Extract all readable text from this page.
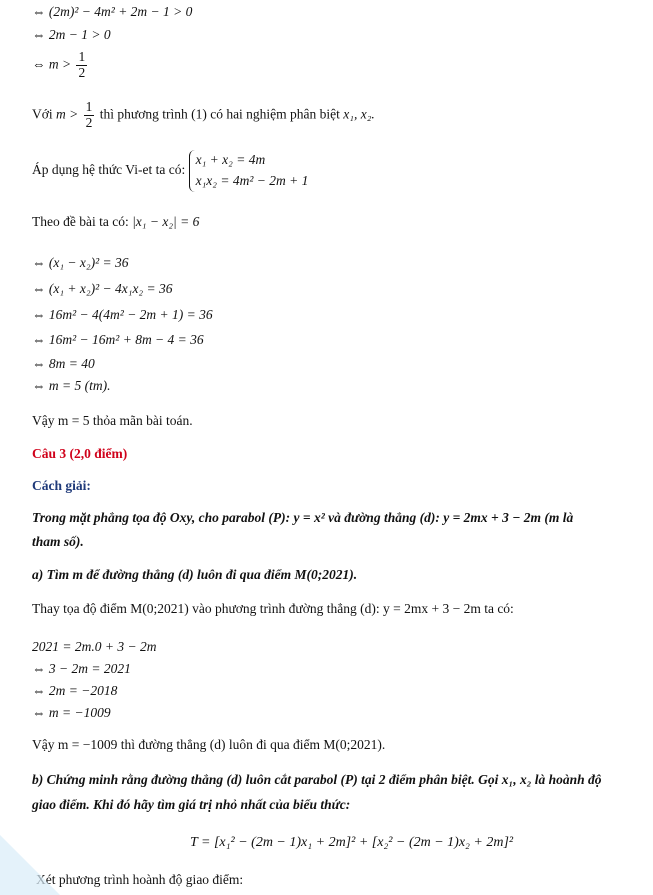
⇔ (2m)² − 4m² + 2m − 1 > 0
⇔ 2m − 1 > 0
⇔ $m > \frac{1}{2}$
Với $m > \frac{1}{2}$ thì phương trình (1) có hai nghiệm phân biệt x₁, x₂.
Áp dụng hệ thức Vi-et ta có:
x₁ + x₂ = 4m
x₁x₂ = 4m² − 2m + 1
Theo đề bài ta có: |x₁ − x₂| = 6
⇔ (x₁ − x₂)² = 36
⇔ (x₁ + x₂)² − 4x₁x₂ = 36
⇔ 16m² − 4(4m² − 2m + 1) = 36
⇔ 16m² − 16m² + 8m − 4 = 36
⇔ 8m = 40
⇔ m = 5 (tm).
Vậy m = 5 thỏa mãn bài toán.
Câu 3 (2,0 điểm)
Cách giải:
Trong mặt phẳng tọa độ Oxy, cho parabol (P): y = x² và đường thẳng (d): y = 2mx + 3 − 2m (m là
tham số).
a) Tìm m để đường thẳng (d) luôn đi qua điểm M(0;2021).
Thay tọa độ điểm M(0;2021) vào phương trình đường thẳng (d): y = 2mx + 3 − 2m ta có:
2021 = 2m.0 + 3 − 2m
⇔ 3 − 2m = 2021
⇔ 2m = −2018
⇔ m = −1009
Vậy m = −1009 thì đường thẳng (d) luôn đi qua điểm M(0;2021).
b) Chứng minh rằng đường thẳng (d) luôn cắt parabol (P) tại 2 điểm phân biệt. Gọi x₁, x₂ là hoành độ
giao điểm. Khi đó hãy tìm giá trị nhỏ nhất của biểu thức:
T = [x₁² − (2m − 1)x₁ + 2m]² + [x₂² − (2m − 1)x₂ + 2m]²
Xét phương trình hoành độ giao điểm:
